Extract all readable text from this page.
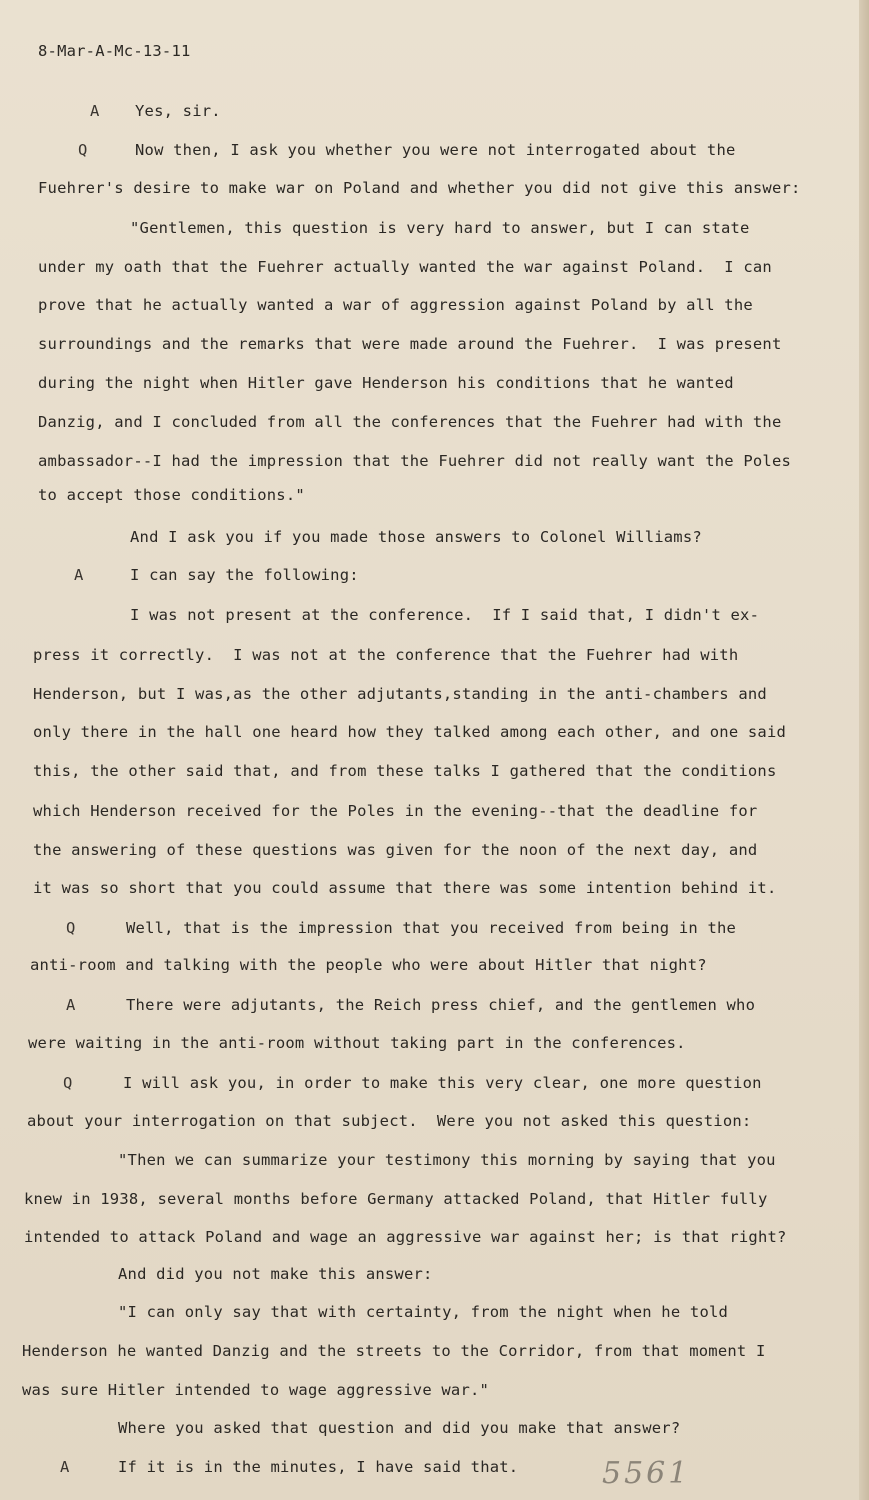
8-Mar-A-Mc-13-11
A Yes, sir.
Q	Now then, I ask you whether you were not interrogated about the
Fuehrer's desire to make war on Poland and whether you did not give this answer:
"Gentlemen, this question is very hard to answer, but I can state
under my oath that the Fuehrer actually wanted the war against Poland.  I can
prove that he actually wanted a war of aggression against Poland by all the
surroundings and the remarks that were made around the Fuehrer.  I was present
during the night when Hitler gave Henderson his conditions that he wanted
Danzig, and I concluded from all the conferences that the Fuehrer had with the
ambassador--I had the impression that the Fuehrer did not really want the Poles
to accept those conditions."
And I ask you if you made those answers to Colonel Williams?
A	I can say the following:
I was not present at the conference.  If I said that, I didn't ex-
press it correctly.  I was not at the conference that the Fuehrer had with
Henderson, but I was,as the other adjutants,standing in the anti-chambers and
only there in the hall one heard how they talked among each other, and one said
this, the other said that, and from these talks I gathered that the conditions
which Henderson received for the Poles in the evening--that the deadline for
the answering of these questions was given for the noon of the next day, and
it was so short that you could assume that there was some intention behind it.
Q	Well, that is the impression that you received from being in the
anti-room and talking with the people who were about Hitler that night?
A	There were adjutants, the Reich press chief, and the gentlemen who
were waiting in the anti-room without taking part in the conferences.
Q	I will ask you, in order to make this very clear, one more question
about your interrogation on that subject.  Were you not asked this question:
"Then we can summarize your testimony this morning by saying that you
knew in 1938, several months before Germany attacked Poland, that Hitler fully
intended to attack Poland and wage an aggressive war against her; is that right?
And did you not make this answer:
"I can only say that with certainty, from the night when he told
Henderson he wanted Danzig and the streets to the Corridor, from that moment I
was sure Hitler intended to wage aggressive war."
Where you asked that question and did you make that answer?
A	If it is in the minutes, I have said that.	5561
